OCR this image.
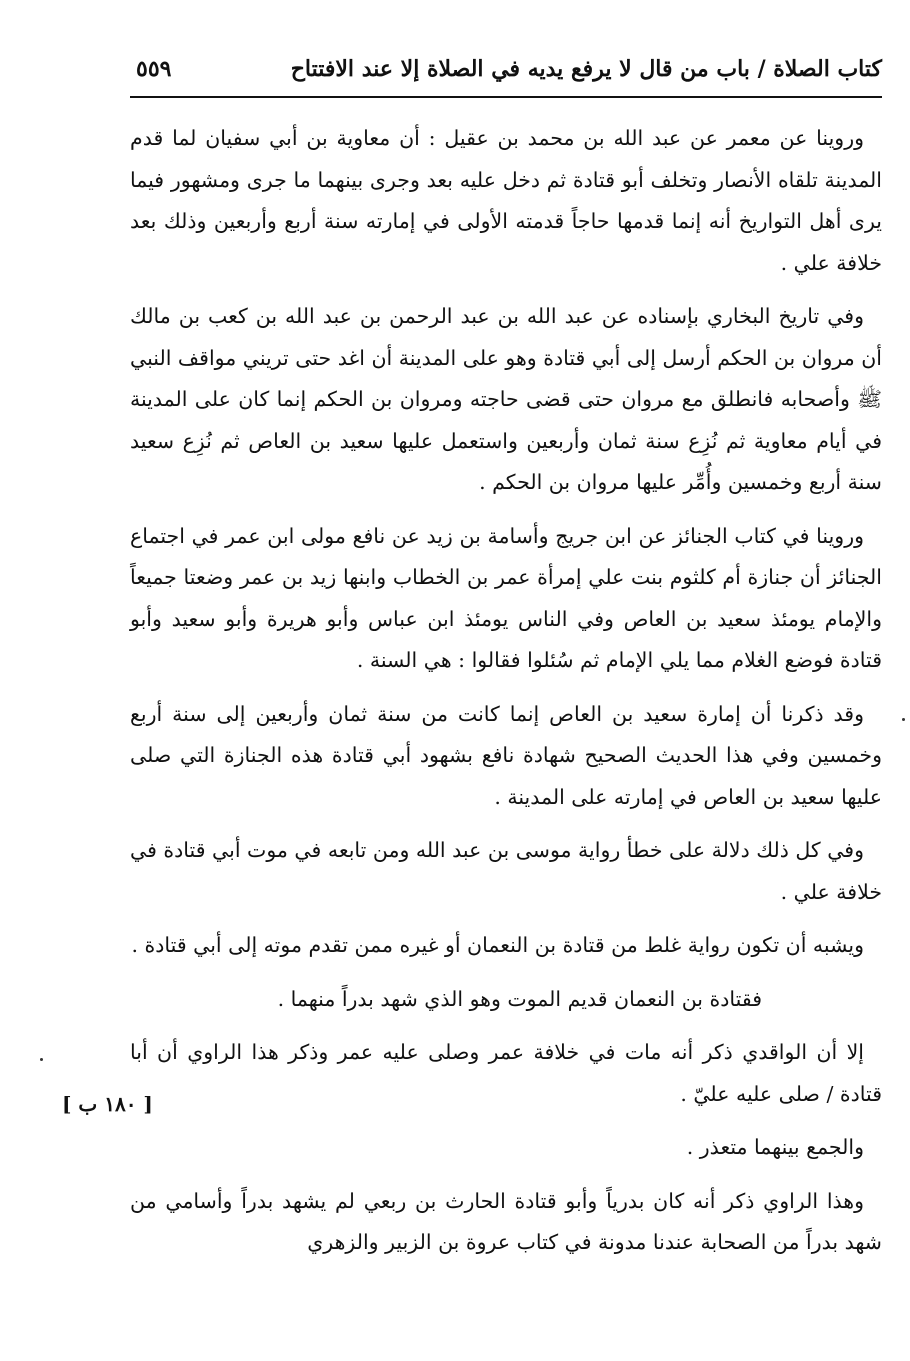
كتاب الصلاة / باب من قال لا يرفع يديه في الصلاة إلا عند الافتتاح
٥٥٩

وروينا عن معمر عن عبد الله بن محمد بن عقيل : أن معاوية بن أبي سفيان لما قدم المدينة تلقاه الأنصار وتخلف أبو قتادة ثم دخل عليه بعد وجرى بينهما ما جرى ومشهور فيما يرى أهل التواريخ أنه إنما قدمها حاجاً قدمته الأولى في إمارته سنة أربع وأربعين وذلك بعد خلافة علي .

وفي تاريخ البخاري بإسناده عن عبد الله بن عبد الرحمن بن عبد الله بن كعب بن مالك أن مروان بن الحكم أرسل إلى أبي قتادة وهو على المدينة أن اغد حتى تريني مواقف النبي ﷺ وأصحابه فانطلق مع مروان حتى قضى حاجته ومروان بن الحكم إنما كان على المدينة في أيام معاوية ثم نُزِع سنة ثمان وأربعين واستعمل عليها سعيد بن العاص ثم نُزِع سعيد سنة أربع وخمسين وأُمِّر عليها مروان بن الحكم .

وروينا في كتاب الجنائز عن ابن جريج وأسامة بن زيد عن نافع مولى ابن عمر في اجتماع الجنائز أن جنازة أم كلثوم بنت علي إمرأة عمر بن الخطاب وابنها زيد بن عمر وضعتا جميعاً والإمام يومئذ سعيد بن العاص وفي الناس يومئذ ابن عباس وأبو هريرة وأبو سعيد وأبو قتادة فوضع الغلام مما يلي الإمام ثم سُئلوا فقالوا : هي السنة .

وقد ذكرنا أن إمارة سعيد بن العاص إنما كانت من سنة ثمان وأربعين إلى سنة أربع وخمسين وفي هذا الحديث الصحيح شهادة نافع بشهود أبي قتادة هذه الجنازة التي صلى عليها سعيد بن العاص في إمارته على المدينة .

وفي كل ذلك دلالة على خطأ رواية موسى بن عبد الله ومن تابعه في موت أبي قتادة في خلافة علي .

ويشبه أن تكون رواية غلط من قتادة بن النعمان أو غيره ممن تقدم موته إلى أبي قتادة .

فقتادة بن النعمان قديم الموت وهو الذي شهد بدراً منهما .

إلا أن الواقدي ذكر أنه مات في خلافة عمر وصلى عليه عمر وذكر هذا الراوي أن أبا قتادة / صلى عليه عليّ .

والجمع بينهما متعذر .

وهذا الراوي ذكر أنه كان بدرياً وأبو قتادة الحارث بن ربعي لم يشهد بدراً وأسامي من شهد بدراً من الصحابة عندنا مدونة في كتاب عروة بن الزبير والزهري

[ ١٨٠ ب ]
